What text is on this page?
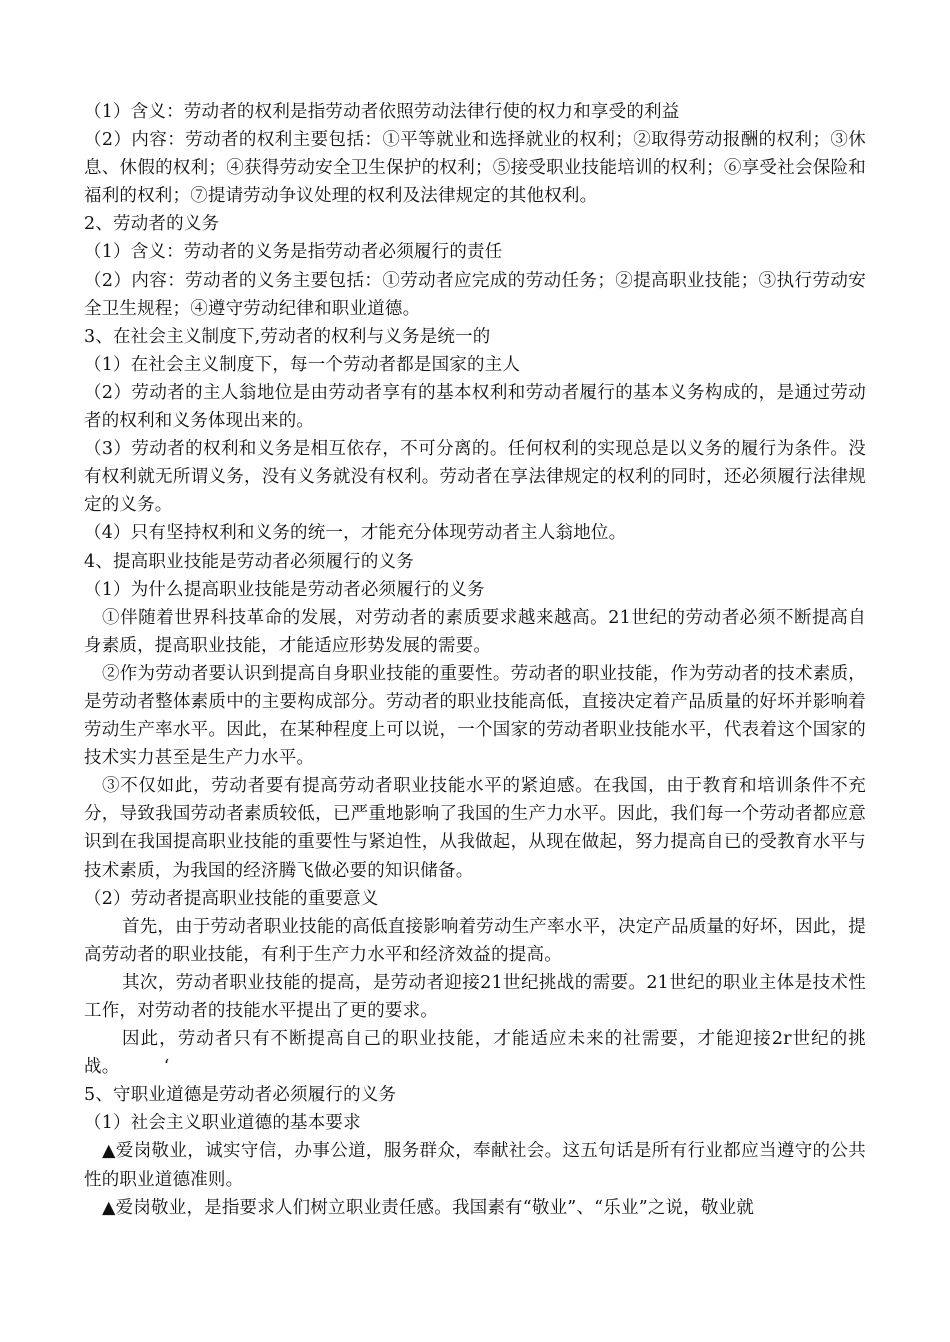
（1）含义：劳动者的权利是指劳动者依照劳动法律行使的权力和享受的利益

（2）内容：劳动者的权利主要包括：①平等就业和选择就业的权利；②取得劳动报酬的权利；③休息、休假的权利；④获得劳动安全卫生保护的权利；⑤接受职业技能培训的权利；⑥享受社会保险和福利的权利；⑦提请劳动争议处理的权利及法律规定的其他权利。

2、劳动者的义务

（1）含义：劳动者的义务是指劳动者必须履行的责任

（2）内容：劳动者的义务主要包括：①劳动者应完成的劳动任务；②提高职业技能；③执行劳动安全卫生规程；④遵守劳动纪律和职业道德。

3、在社会主义制度下,劳动者的权利与义务是统一的

（1）在社会主义制度下，每一个劳动者都是国家的主人

（2）劳动者的主人翁地位是由劳动者享有的基本权利和劳动者履行的基本义务构成的，是通过劳动者的权利和义务体现出来的。

（3）劳动者的权利和义务是相互依存，不可分离的。任何权利的实现总是以义务的履行为条件。没有权利就无所谓义务，没有义务就没有权利。劳动者在享法律规定的权利的同时，还必须履行法律规定的义务。

（4）只有坚持权利和义务的统一，才能充分体现劳动者主人翁地位。

4、提高职业技能是劳动者必须履行的义务

（1）为什么提高职业技能是劳动者必须履行的义务

①伴随着世界科技革命的发展，对劳动者的素质要求越来越高。21世纪的劳动者必须不断提高自身素质，提高职业技能，才能适应形势发展的需要。

②作为劳动者要认识到提高自身职业技能的重要性。劳动者的职业技能，作为劳动者的技术素质，是劳动者整体素质中的主要构成部分。劳动者的职业技能高低，直接决定着产品质量的好坏并影响着劳动生产率水平。因此，在某种程度上可以说，一个国家的劳动者职业技能水平，代表着这个国家的技术实力甚至是生产力水平。

③不仅如此，劳动者要有提高劳动者职业技能水平的紧迫感。在我国，由于教育和培训条件不充分，导致我国劳动者素质较低，已严重地影响了我国的生产力水平。因此，我们每一个劳动者都应意识到在我国提高职业技能的重要性与紧迫性，从我做起，从现在做起，努力提高自已的受教育水平与技术素质，为我国的经济腾飞做必要的知识储备。

（2）劳动者提高职业技能的重要意义

首先，由于劳动者职业技能的高低直接影响着劳动生产率水平，决定产品质量的好坏，因此，提高劳动者的职业技能，有利于生产力水平和经济效益的提高。

其次，劳动者职业技能的提高，是劳动者迎接21世纪挑战的需要。21世纪的职业主体是技术性工作，对劳动者的技能水平提出了更的要求。

因此，劳动者只有不断提高自己的职业技能，才能适应未来的社需要，才能迎接2r世纪的挑战。　　　‘

5、守职业道德是劳动者必须履行的义务

（1）社会主义职业道德的基本要求

▲爱岗敬业，诚实守信，办事公道，服务群众，奉献社会。这五句话是所有行业都应当遵守的公共性的职业道德准则。

▲爱岗敬业，是指要求人们树立职业责任感。我国素有“敬业”、“乐业”之说，敬业就
